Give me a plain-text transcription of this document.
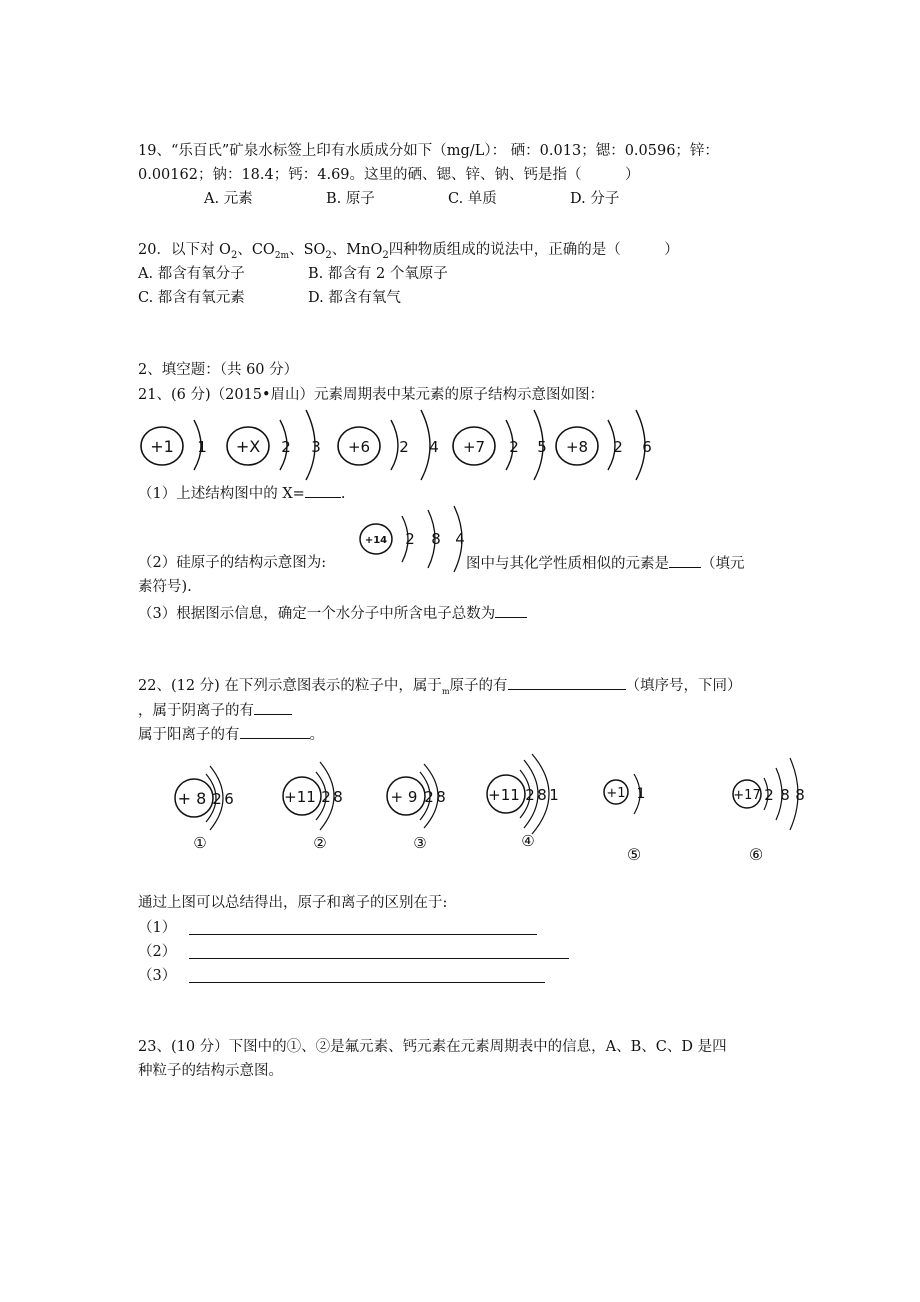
19、“乐百氏”矿泉水标签上印有水质成分如下（mg/L）： 硒：0.013；锶：0.0596；锌：
0.00162；钠：18.4；钙：4.69。这里的硒、锶、锌、钠、钙是指（　　　）
A. 元素	B. 原子	C. 单质	D. 分子
20．以下对 $O_2$、$CO_{2m}$、$SO_2$、MnO$_2$四种物质组成的说法中，正确的是（　　　）
A. 都含有氧分子	B. 都含有 2 个氧原子
C. 都含有氧元素	D. 都含有氧气
2、填空题：（共 60 分）
21、(6 分)（2015•眉山）元素周期表中某元素的原子结构示意图如图：
+1 1 +X 2 3 +6 2 4 +7 2 5 +8 2 6
（1）上述结构图中的 X= .
+14 2 8 4
（2）硅原子的结构示意图为:	图中与其化学性质相似的元素是 （填元
素符号).
（3）根据图示信息，确定一个水分子中所含电子总数为
22、(12 分) 在下列示意图表示的粒子中，属于$_m$原子的有	（填序号，下同）
，属于阴离子的有
属于阳离子的有	。
+ 8 2 6
①
+11 2 8
②
+ 9 2 8
③
+11 2 8 1
④
+1 1
⑤
+17 2 8 8
⑥
通过上图可以总结得出，原子和离子的区别在于:
（1）
（2）
（3）
23、(10 分）下图中的①、②是氟元素、钙元素在元素周期表中的信息，A、B、C、D 是四
种粒子的结构示意图。
